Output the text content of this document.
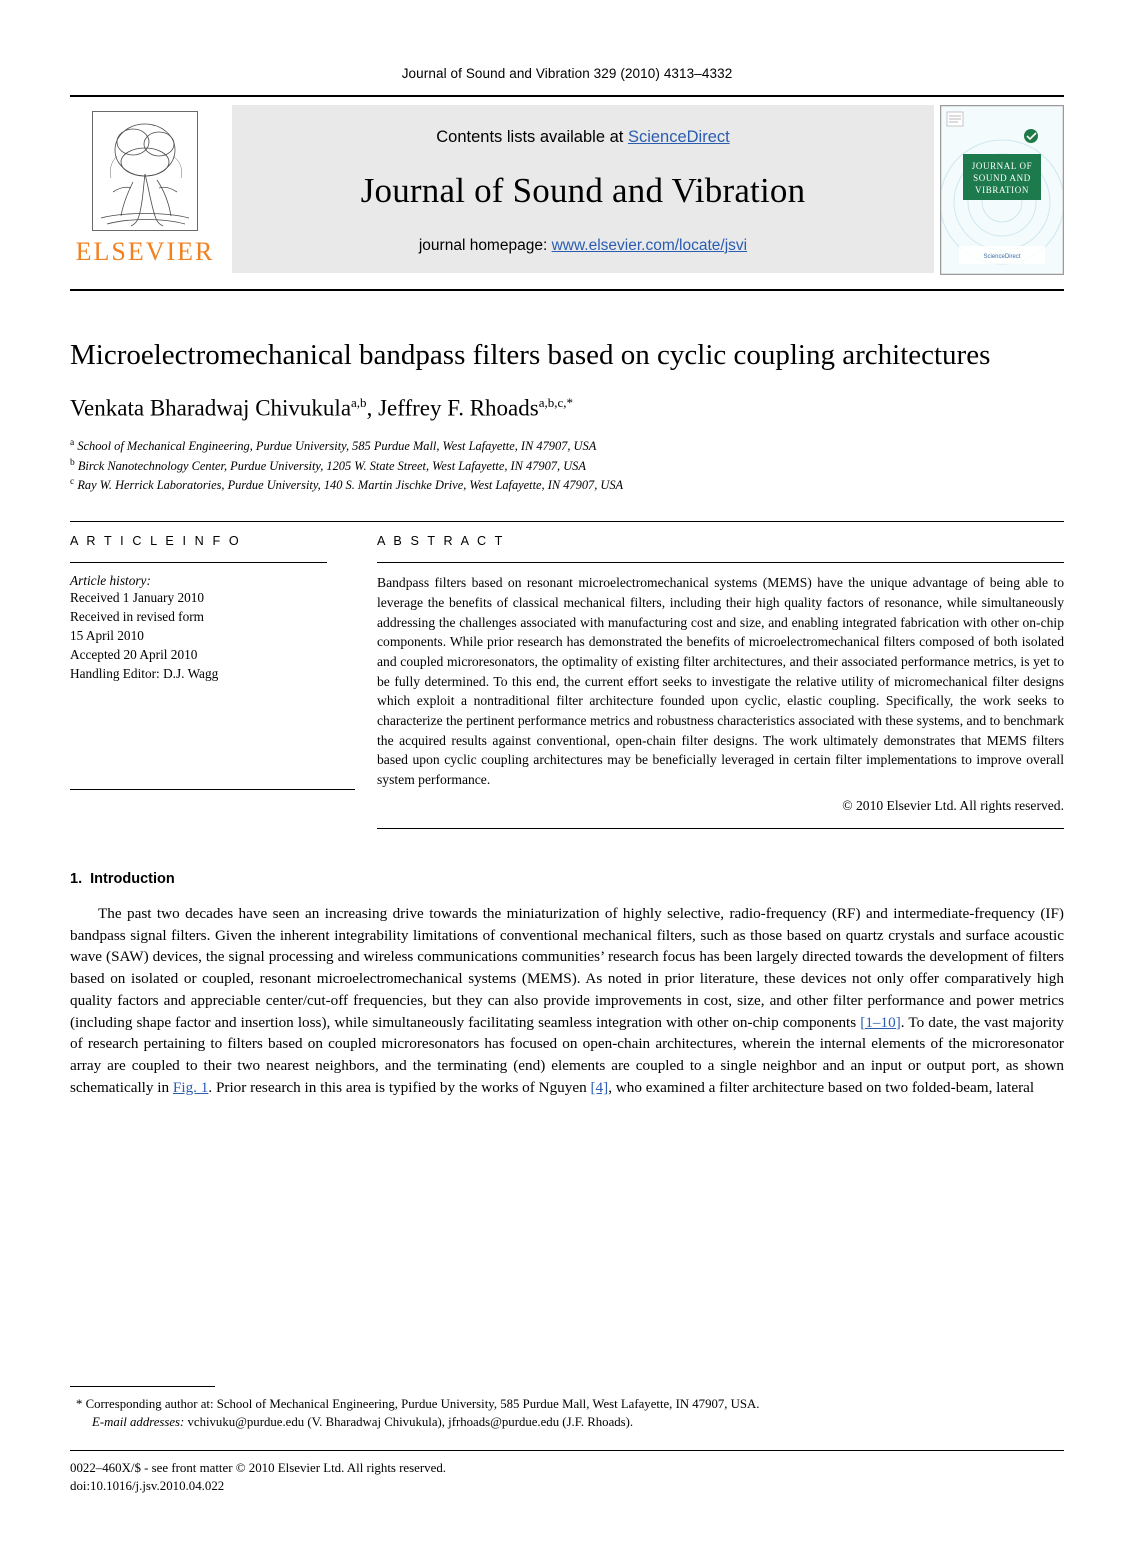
Journal of Sound and Vibration 329 (2010) 4313–4332
ELSEVIER
Contents lists available at ScienceDirect
Journal of Sound and Vibration
journal homepage: www.elsevier.com/locate/jsvi
JOURNAL OF
SOUND AND
VIBRATION
ScienceDirect
Microelectromechanical bandpass filters based on cyclic coupling architectures
Venkata Bharadwaj Chivukula$^{a,b}$, Jeffrey F. Rhoads$^{a,b,c,*}$
$^a$ School of Mechanical Engineering, Purdue University, 585 Purdue Mall, West Lafayette, IN 47907, USA
$^b$ Birck Nanotechnology Center, Purdue University, 1205 W. State Street, West Lafayette, IN 47907, USA
$^c$ Ray W. Herrick Laboratories, Purdue University, 140 S. Martin Jischke Drive, West Lafayette, IN 47907, USA
A R T I C L E I N F O
Article history:
Received 1 January 2010
Received in revised form
15 April 2010
Accepted 20 April 2010
Handling Editor: D.J. Wagg
A B S T R A C T
Bandpass filters based on resonant microelectromechanical systems (MEMS) have the unique advantage of being able to leverage the benefits of classical mechanical filters, including their high quality factors of resonance, while simultaneously addressing the challenges associated with manufacturing cost and size, and enabling integrated fabrication with other on-chip components. While prior research has demonstrated the benefits of microelectromechanical filters composed of both isolated and coupled microresonators, the optimality of existing filter architectures, and their associated performance metrics, is yet to be fully determined. To this end, the current effort seeks to investigate the relative utility of micromechanical filter designs which exploit a nontraditional filter architecture founded upon cyclic, elastic coupling. Specifically, the work seeks to characterize the pertinent performance metrics and robustness characteristics associated with these systems, and to benchmark the acquired results against conventional, open-chain filter designs. The work ultimately demonstrates that MEMS filters based upon cyclic coupling architectures may be beneficially leveraged in certain filter implementations to improve overall system performance.
© 2010 Elsevier Ltd. All rights reserved.
1. Introduction

The past two decades have seen an increasing drive towards the miniaturization of highly selective, radio-frequency (RF) and intermediate-frequency (IF) bandpass signal filters. Given the inherent integrability limitations of conventional mechanical filters, such as those based on quartz crystals and surface acoustic wave (SAW) devices, the signal processing and wireless communications communities’ research focus has been largely directed towards the development of filters based on isolated or coupled, resonant microelectromechanical systems (MEMS). As noted in prior literature, these devices not only offer comparatively high quality factors and appreciable center/cut-off frequencies, but they can also provide improvements in cost, size, and other filter performance and power metrics (including shape factor and insertion loss), while simultaneously facilitating seamless integration with other on-chip components [1–10]. To date, the vast majority of research pertaining to filters based on coupled microresonators has focused on open-chain architectures, wherein the internal elements of the microresonator array are coupled to their two nearest neighbors, and the terminating (end) elements are coupled to a single neighbor and an input or output port, as shown schematically in Fig. 1. Prior research in this area is typified by the works of Nguyen [4], who examined a filter architecture based on two folded-beam, lateral

* Corresponding author at: School of Mechanical Engineering, Purdue University, 585 Purdue Mall, West Lafayette, IN 47907, USA.
E-mail addresses: vchivuku@purdue.edu (V. Bharadwaj Chivukula), jfrhoads@purdue.edu (J.F. Rhoads).
0022–460X/$ - see front matter © 2010 Elsevier Ltd. All rights reserved.
doi:10.1016/j.jsv.2010.04.022
